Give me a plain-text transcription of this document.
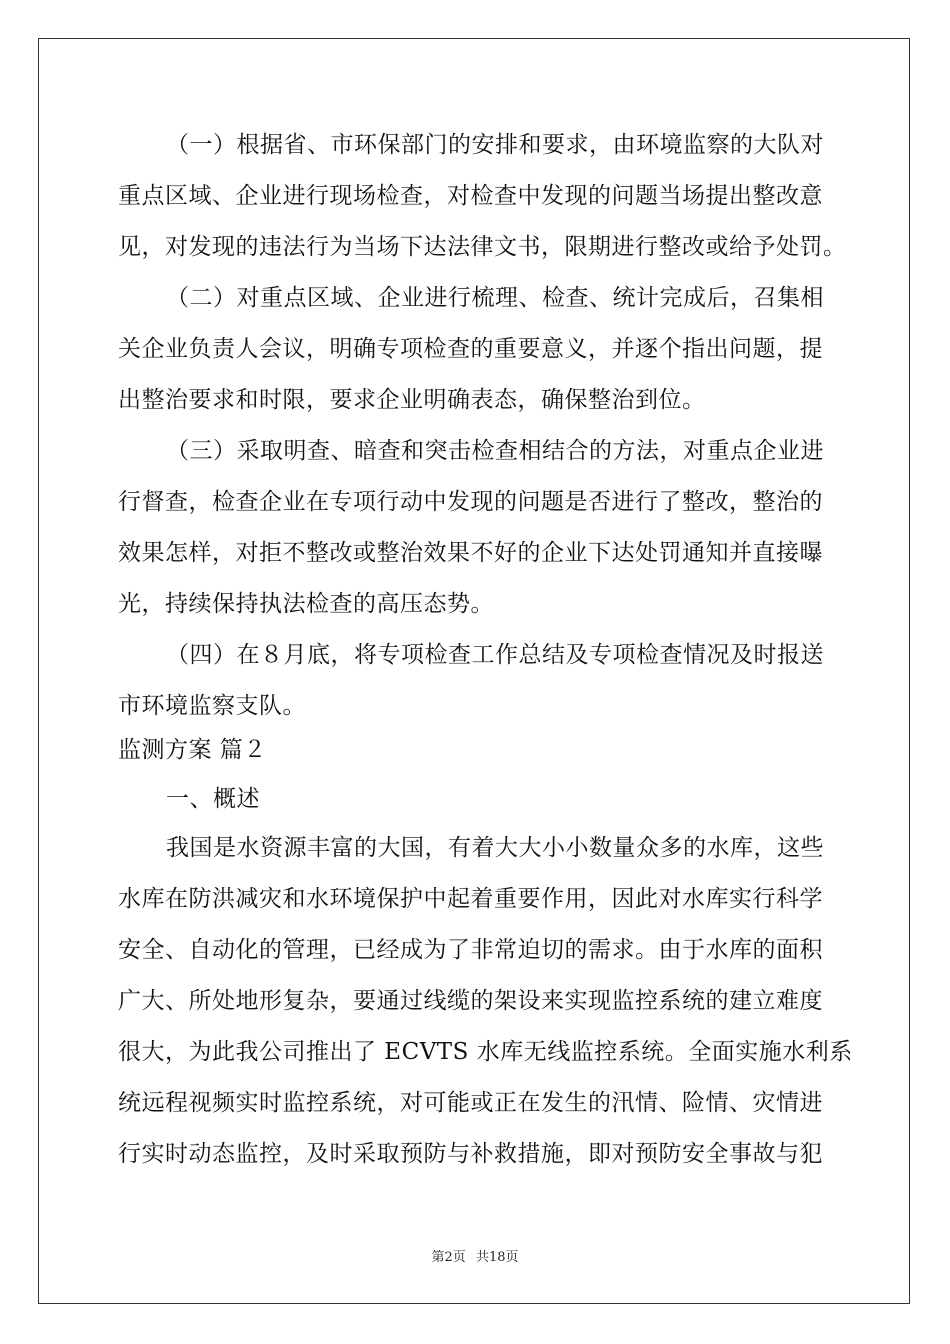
（一）根据省、市环保部门的安排和要求，由环境监察的大队对
重点区域、企业进行现场检查，对检查中发现的问题当场提出整改意
见，对发现的违法行为当场下达法律文书，限期进行整改或给予处罚。
（二）对重点区域、企业进行梳理、检查、统计完成后，召集相
关企业负责人会议，明确专项检查的重要意义，并逐个指出问题，提
出整治要求和时限，要求企业明确表态，确保整治到位。
（三）采取明查、暗查和突击检查相结合的方法，对重点企业进
行督查，检查企业在专项行动中发现的问题是否进行了整改，整治的
效果怎样，对拒不整改或整治效果不好的企业下达处罚通知并直接曝
光，持续保持执法检查的高压态势。
（四）在８月底，将专项检查工作总结及专项检查情况及时报送
市环境监察支队。
监测方案 篇２
一、概述
我国是水资源丰富的大国，有着大大小小数量众多的水库，这些
水库在防洪减灾和水环境保护中起着重要作用，因此对水库实行科学
安全、自动化的管理，已经成为了非常迫切的需求。由于水库的面积
广大、所处地形复杂，要通过线缆的架设来实现监控系统的建立难度
很大，为此我公司推出了 ECVTS 水库无线监控系统。全面实施水利系
统远程视频实时监控系统，对可能或正在发生的汛情、险情、灾情进
行实时动态监控，及时采取预防与补救措施，即对预防安全事故与犯
第2页 共18页
